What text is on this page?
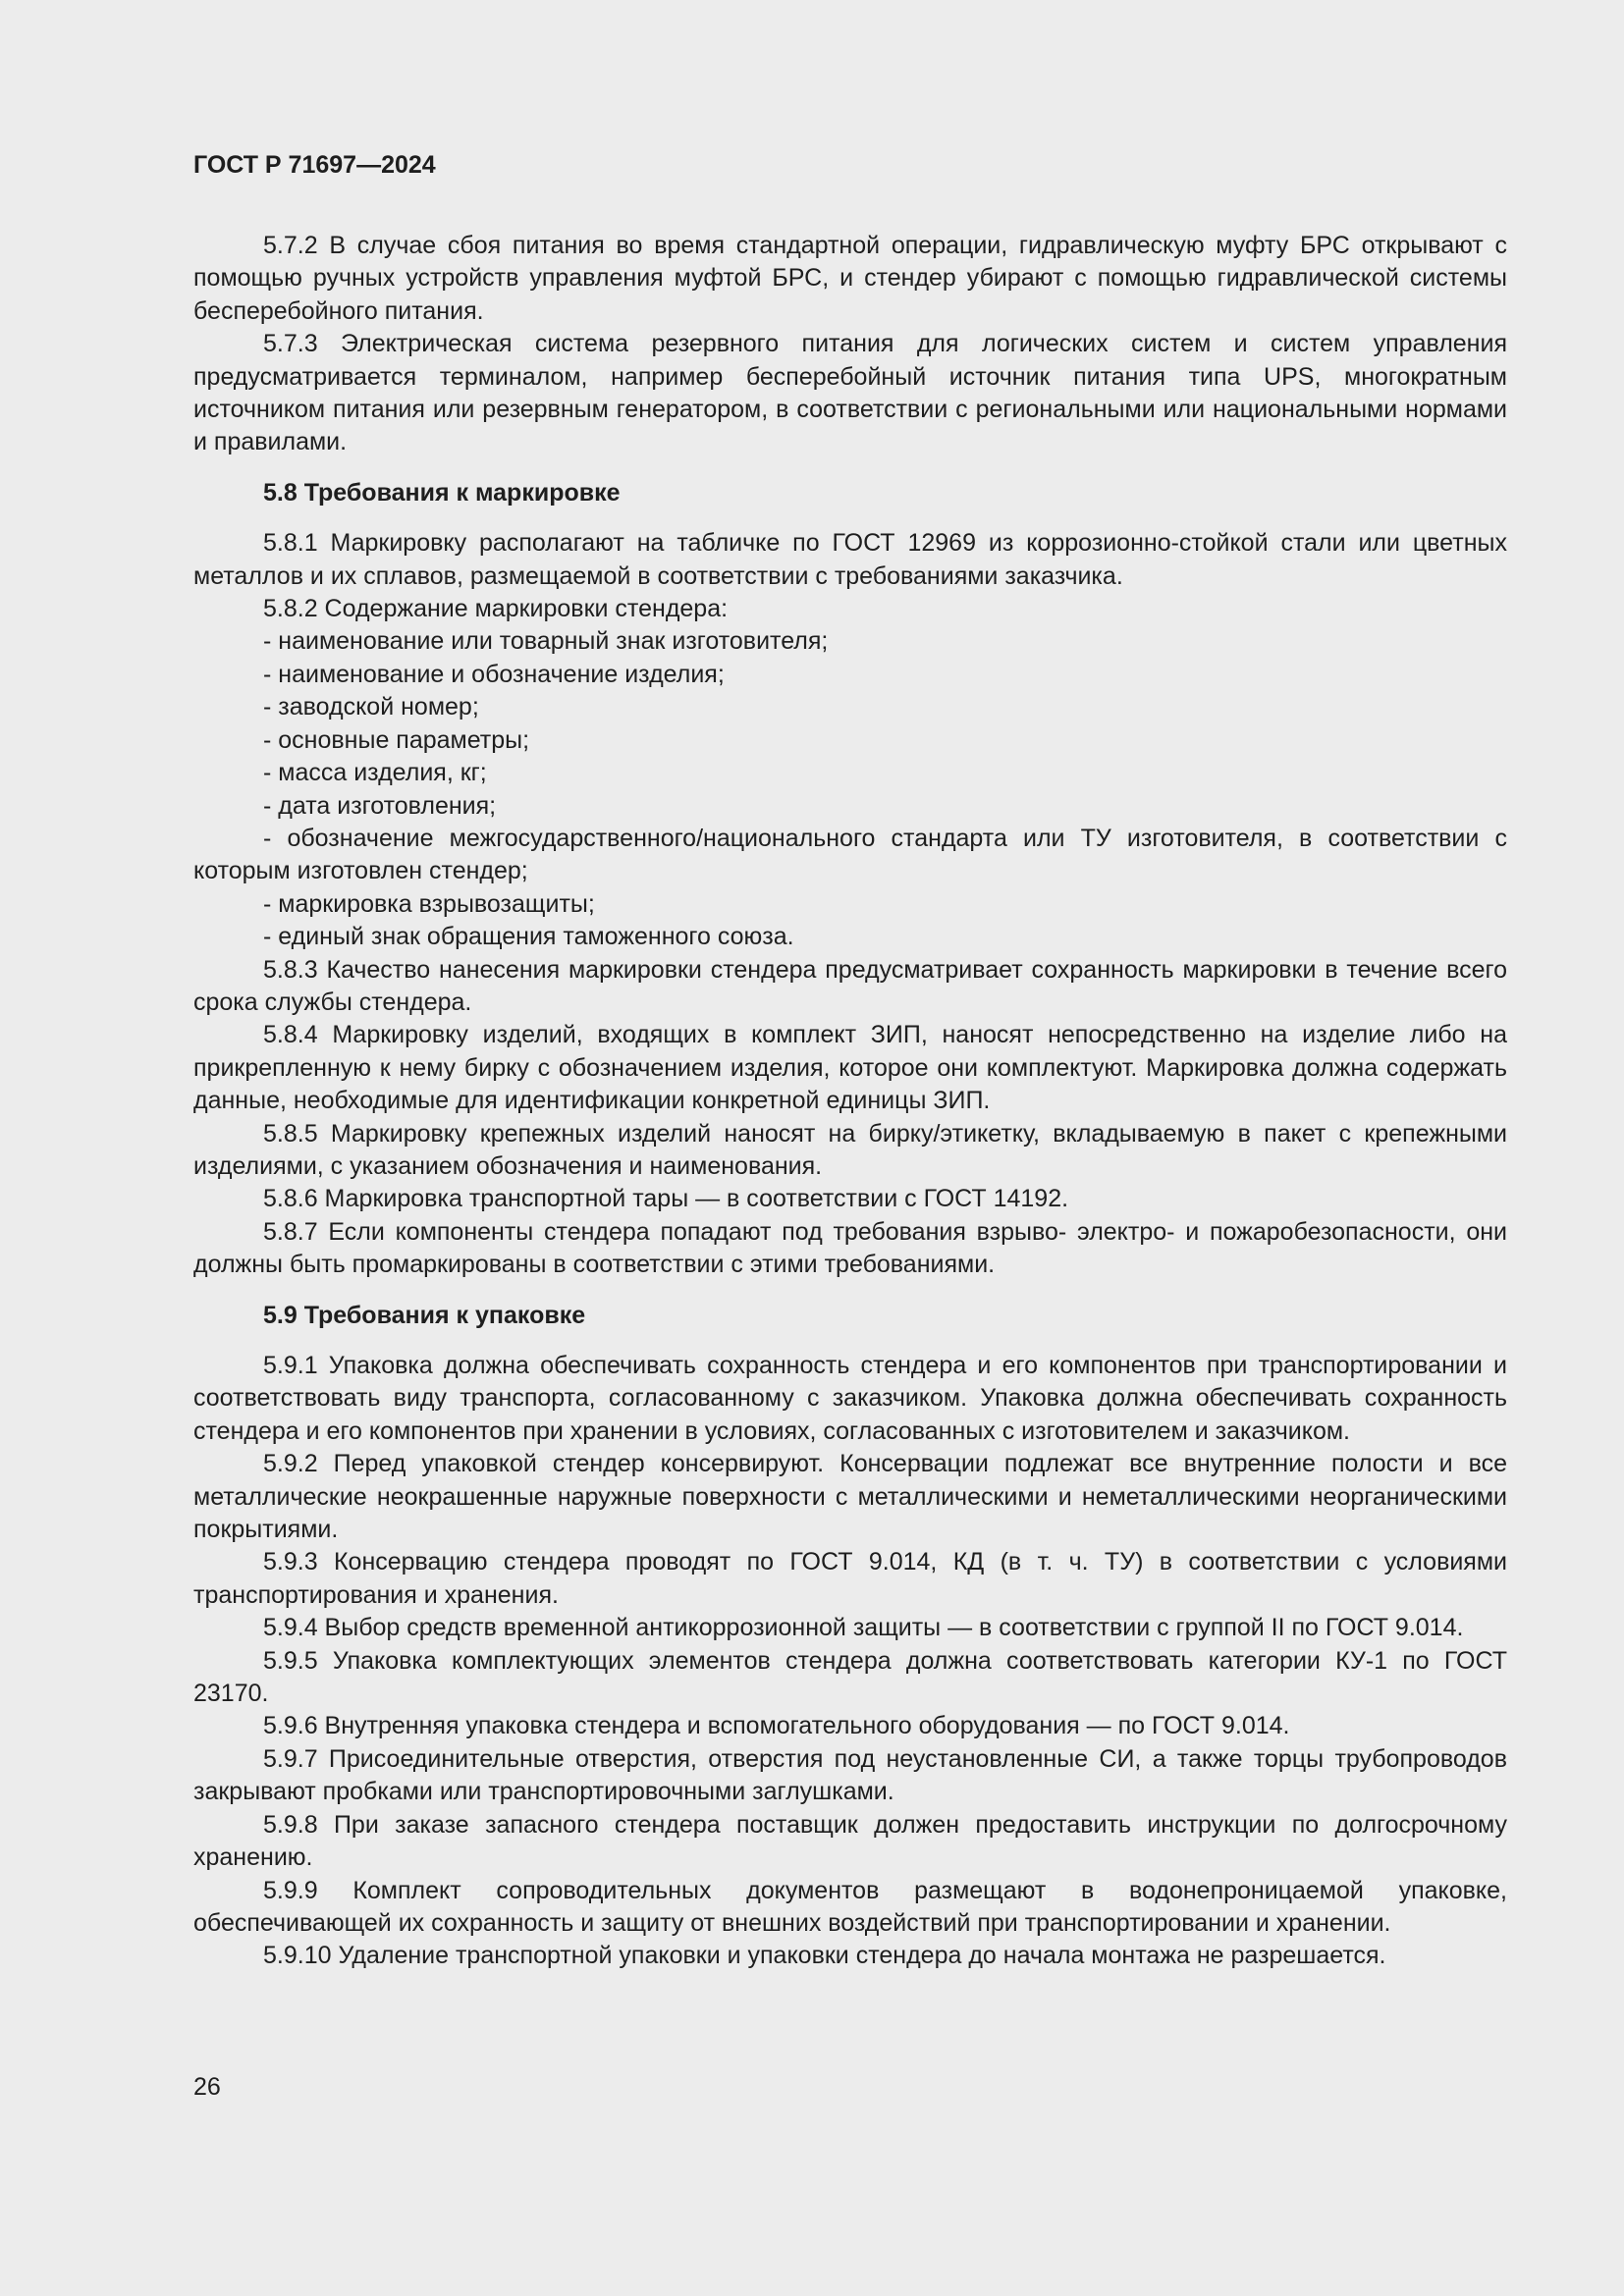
ГОСТ Р 71697—2024

5.7.2 В случае сбоя питания во время стандартной операции, гидравлическую муфту БРС открывают с помощью ручных устройств управления муфтой БРС, и стендер убирают с помощью гидравлической системы бесперебойного питания.

5.7.3 Электрическая система резервного питания для логических систем и систем управления предусматривается терминалом, например бесперебойный источник питания типа UPS, многократным источником питания или резервным генератором, в соответствии с региональными или национальными нормами и правилами.

5.8 Требования к маркировке

5.8.1 Маркировку располагают на табличке по ГОСТ 12969 из коррозионно-стойкой стали или цветных металлов и их сплавов, размещаемой в соответствии с требованиями заказчика.

5.8.2 Содержание маркировки стендера:

- наименование или товарный знак изготовителя;

- наименование и обозначение изделия;

- заводской номер;

- основные параметры;

- масса изделия, кг;

- дата изготовления;

- обозначение межгосударственного/национального стандарта или ТУ изготовителя, в соответствии с которым изготовлен стендер;

- маркировка взрывозащиты;

- единый знак обращения таможенного союза.

5.8.3 Качество нанесения маркировки стендера предусматривает сохранность маркировки в течение всего срока службы стендера.

5.8.4 Маркировку изделий, входящих в комплект ЗИП, наносят непосредственно на изделие либо на прикрепленную к нему бирку с обозначением изделия, которое они комплектуют. Маркировка должна содержать данные, необходимые для идентификации конкретной единицы ЗИП.

5.8.5 Маркировку крепежных изделий наносят на бирку/этикетку, вкладываемую в пакет с крепежными изделиями, с указанием обозначения и наименования.

5.8.6 Маркировка транспортной тары — в соответствии с ГОСТ 14192.

5.8.7 Если компоненты стендера попадают под требования взрыво- электро- и пожаробезопасности, они должны быть промаркированы в соответствии с этими требованиями.

5.9 Требования к упаковке

5.9.1 Упаковка должна обеспечивать сохранность стендера и его компонентов при транспортировании и соответствовать виду транспорта, согласованному с заказчиком. Упаковка должна обеспечивать сохранность стендера и его компонентов при хранении в условиях, согласованных с изготовителем и заказчиком.

5.9.2 Перед упаковкой стендер консервируют. Консервации подлежат все внутренние полости и все металлические неокрашенные наружные поверхности с металлическими и неметаллическими неорганическими покрытиями.

5.9.3 Консервацию стендера проводят по ГОСТ 9.014, КД (в т. ч. ТУ) в соответствии с условиями транспортирования и хранения.

5.9.4 Выбор средств временной антикоррозионной защиты — в соответствии с группой II по ГОСТ 9.014.

5.9.5 Упаковка комплектующих элементов стендера должна соответствовать категории КУ-1 по ГОСТ 23170.

5.9.6 Внутренняя упаковка стендера и вспомогательного оборудования — по ГОСТ 9.014.

5.9.7 Присоединительные отверстия, отверстия под неустановленные СИ, а также торцы трубопроводов закрывают пробками или транспортировочными заглушками.

5.9.8 При заказе запасного стендера поставщик должен предоставить инструкции по долгосрочному хранению.

5.9.9 Комплект сопроводительных документов размещают в водонепроницаемой упаковке, обеспечивающей их сохранность и защиту от внешних воздействий при транспортировании и хранении.

5.9.10 Удаление транспортной упаковки и упаковки стендера до начала монтажа не разрешается.

26
